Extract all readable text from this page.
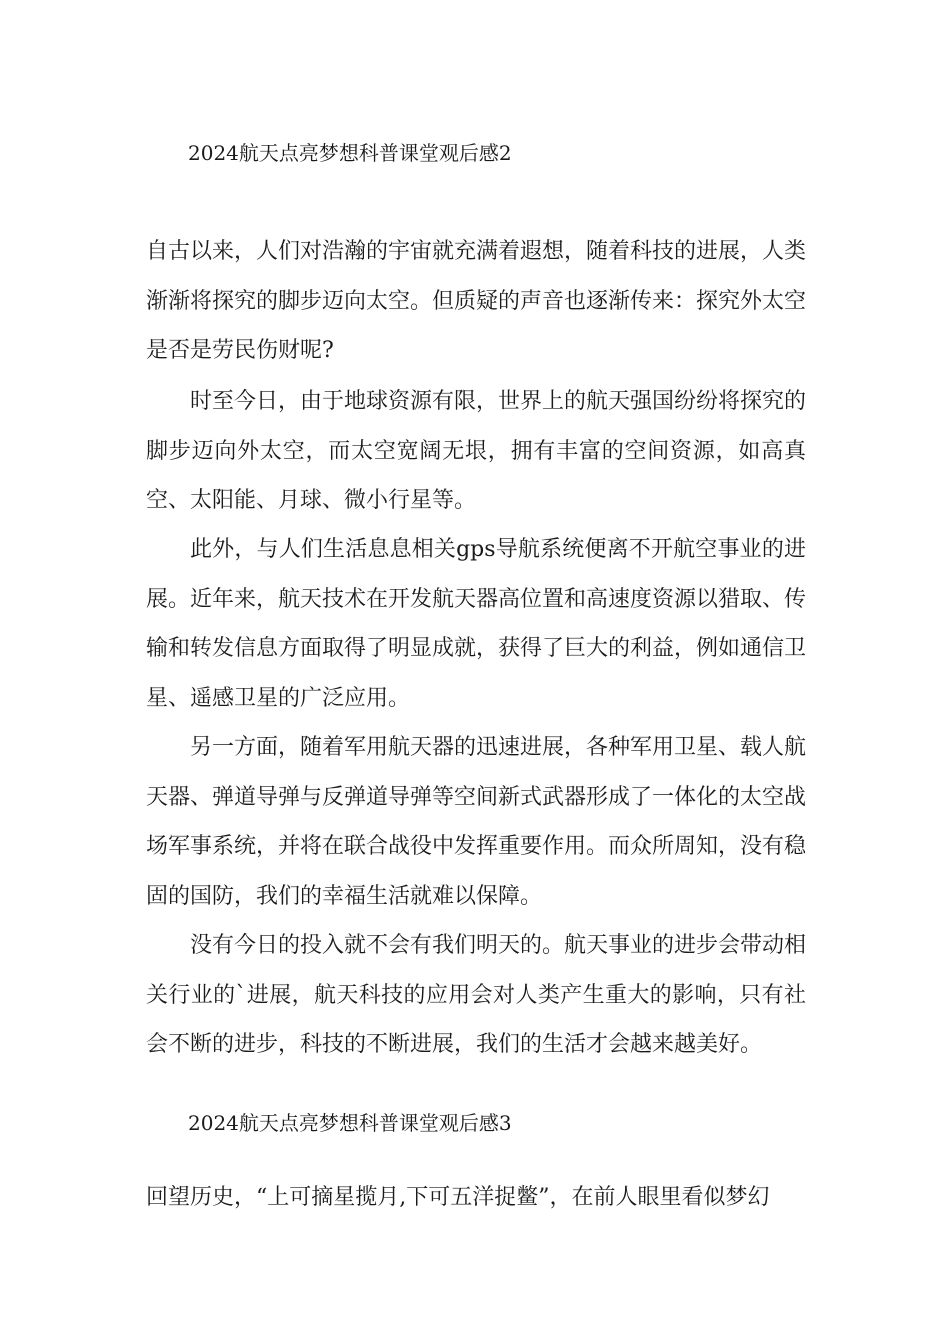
2024航天点亮梦想科普课堂观后感2

自古以来，人们对浩瀚的宇宙就充满着遐想，随着科技的进展，人类渐渐将探究的脚步迈向太空。但质疑的声音也逐渐传来：探究外太空是否是劳民伤财呢?

时至今日，由于地球资源有限，世界上的航天强国纷纷将探究的脚步迈向外太空，而太空宽阔无垠，拥有丰富的空间资源，如高真空、太阳能、月球、微小行星等。

此外，与人们生活息息相关gps导航系统便离不开航空事业的进展。近年来，航天技术在开发航天器高位置和高速度资源以猎取、传输和转发信息方面取得了明显成就，获得了巨大的利益，例如通信卫星、遥感卫星的广泛应用。

另一方面，随着军用航天器的迅速进展，各种军用卫星、载人航天器、弹道导弹与反弹道导弹等空间新式武器形成了一体化的太空战场军事系统，并将在联合战役中发挥重要作用。而众所周知，没有稳固的国防，我们的幸福生活就难以保障。

没有今日的投入就不会有我们明天的。航天事业的进步会带动相关行业的`进展，航天科技的应用会对人类产生重大的影响，只有社会不断的进步，科技的不断进展，我们的生活才会越来越美好。

2024航天点亮梦想科普课堂观后感3

回望历史，“上可摘星揽月,下可五洋捉鳖”，在前人眼里看似梦幻
